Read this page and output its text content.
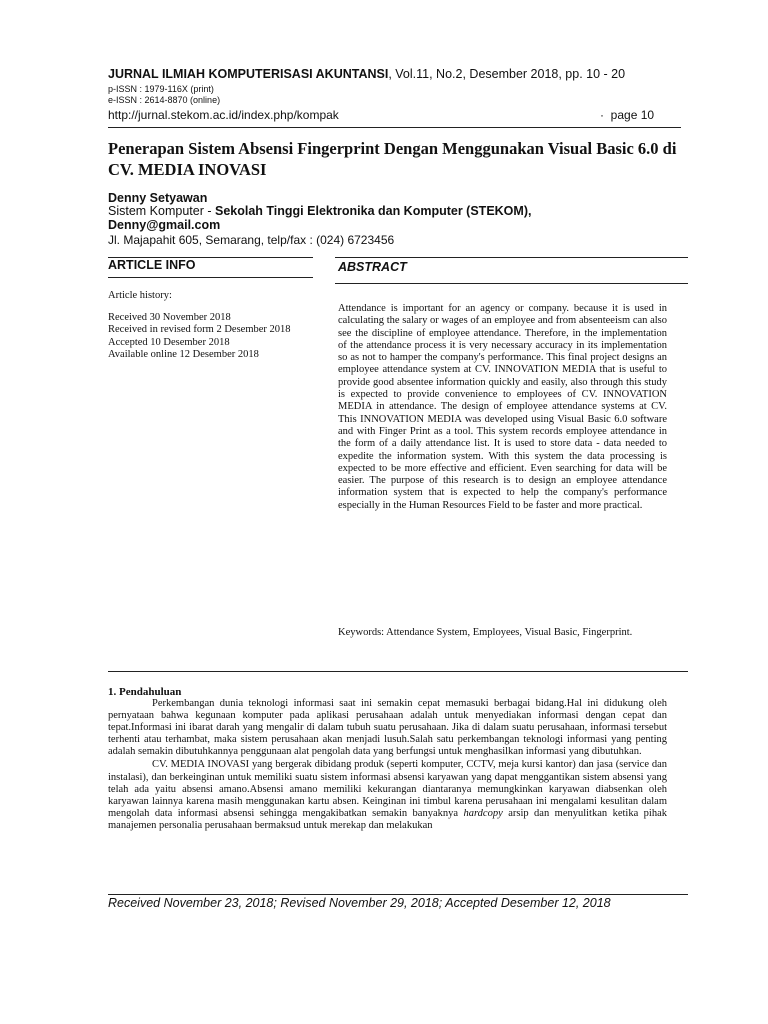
JURNAL ILMIAH KOMPUTERISASI AKUNTANSI, Vol.11, No.2, Desember 2018, pp. 10 - 20
p-ISSN : 1979-116X (print)
e-ISSN : 2614-8870 (online)
http://jurnal.stekom.ac.id/index.php/kompak	· page 10
Penerapan Sistem Absensi Fingerprint Dengan Menggunakan Visual Basic 6.0 di CV. MEDIA INOVASI
Denny Setyawan
Sistem Komputer - Sekolah Tinggi Elektronika dan Komputer (STEKOM),
Denny@gmail.com
Jl. Majapahit 605, Semarang, telp/fax : (024) 6723456
ARTICLE INFO	ABSTRACT
Article history:
Received 30 November 2018
Received in revised form 2 Desember 2018
Accepted 10 Desember 2018
Available online 12 Desember 2018
Attendance is important for an agency or company. because it is used in calculating the salary or wages of an employee and from absenteeism can also see the discipline of employee attendance. Therefore, in the implementation of the attendance process it is very necessary accuracy in its implementation so as not to hamper the company's performance. This final project designs an employee attendance system at CV. INNOVATION MEDIA that is useful to provide good absentee information quickly and easily, also through this study is expected to provide convenience to employees of CV. INNOVATION MEDIA in attendance. The design of employee attendance systems at CV. This INNOVATION MEDIA was developed using Visual Basic 6.0 software and with Finger Print as a tool. This system records employee attendance in the form of a daily attendance list. It is used to store data - data needed to expedite the information system. With this system the data processing is expected to be more effective and efficient. Even searching for data will be easier. The purpose of this research is to design an employee attendance information system that is expected to help the company's performance especially in the Human Resources Field to be faster and more practical.
Keywords: Attendance System, Employees, Visual Basic, Fingerprint.
1. Pendahuluan

Perkembangan dunia teknologi informasi saat ini semakin cepat memasuki berbagai bidang.Hal ini didukung oleh pernyataan bahwa kegunaan komputer pada aplikasi perusahaan adalah untuk menyediakan informasi dengan cepat dan tepat.Informasi ini ibarat darah yang mengalir di dalam tubuh suatu perusahaan. Jika di dalam suatu perusahaan, informasi tersebut terhenti atau terhambat, maka sistem perusahaan akan menjadi lusuh.Salah satu perkembangan teknologi informasi yang penting adalah semakin dibutuhkannya penggunaan alat pengolah data yang berfungsi untuk menghasilkan informasi yang dibutuhkan.

CV. MEDIA INOVASI yang bergerak dibidang produk (seperti komputer, CCTV, meja kursi kantor) dan jasa (service dan instalasi), dan berkeinginan untuk memiliki suatu sistem informasi absensi karyawan yang dapat menggantikan sistem absensi yang telah ada yaitu absensi amano.Absensi amano memiliki kekurangan diantaranya memungkinkan karyawan diabsenkan oleh karyawan lainnya karena masih menggunakan kartu absen. Keinginan ini timbul karena perusahaan ini mengalami kesulitan dalam mengolah data informasi absensi sehingga mengakibatkan semakin banyaknya hardcopy arsip dan menyulitkan ketika pihak manajemen personalia perusahaan bermaksud untuk merekap dan melakukan

Received November 23, 2018; Revised November 29, 2018; Accepted Desember 12, 2018
